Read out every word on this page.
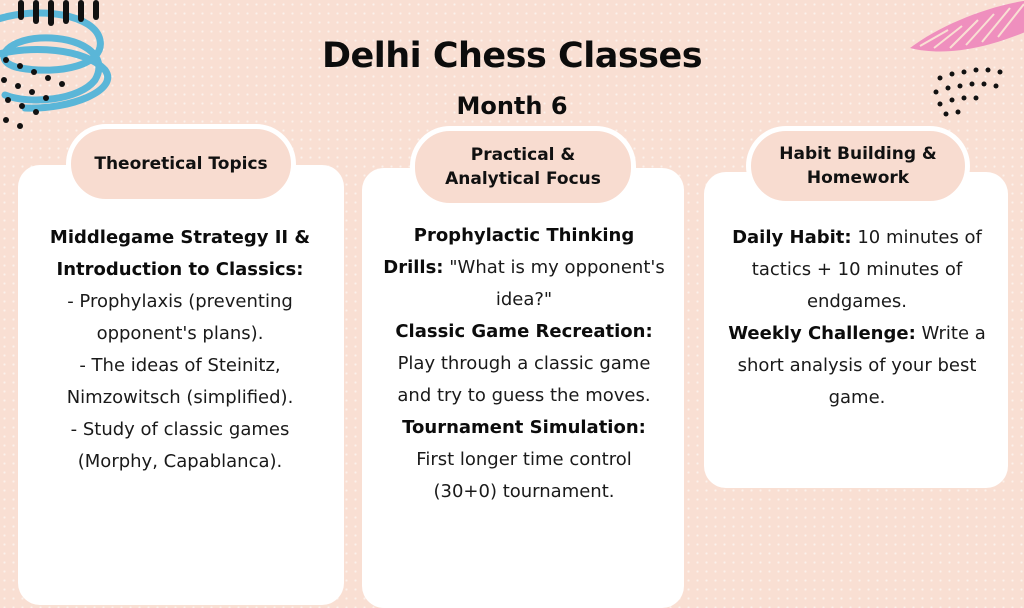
Delhi Chess Classes
Month 6
Theoretical Topics
Middlegame Strategy II & Introduction to Classics:
- Prophylaxis (preventing opponent's plans).
- The ideas of Steinitz, Nimzowitsch (simplified).
- Study of classic games (Morphy, Capablanca).
Practical &
Analytical Focus
Prophylactic Thinking Drills: "What is my opponent's idea?"
Classic Game Recreation: Play through a classic game and try to guess the moves.
Tournament Simulation: First longer time control (30+0) tournament.
Habit Building &
Homework
Daily Habit: 10 minutes of tactics + 10 minutes of endgames.
Weekly Challenge: Write a short analysis of your best game.
